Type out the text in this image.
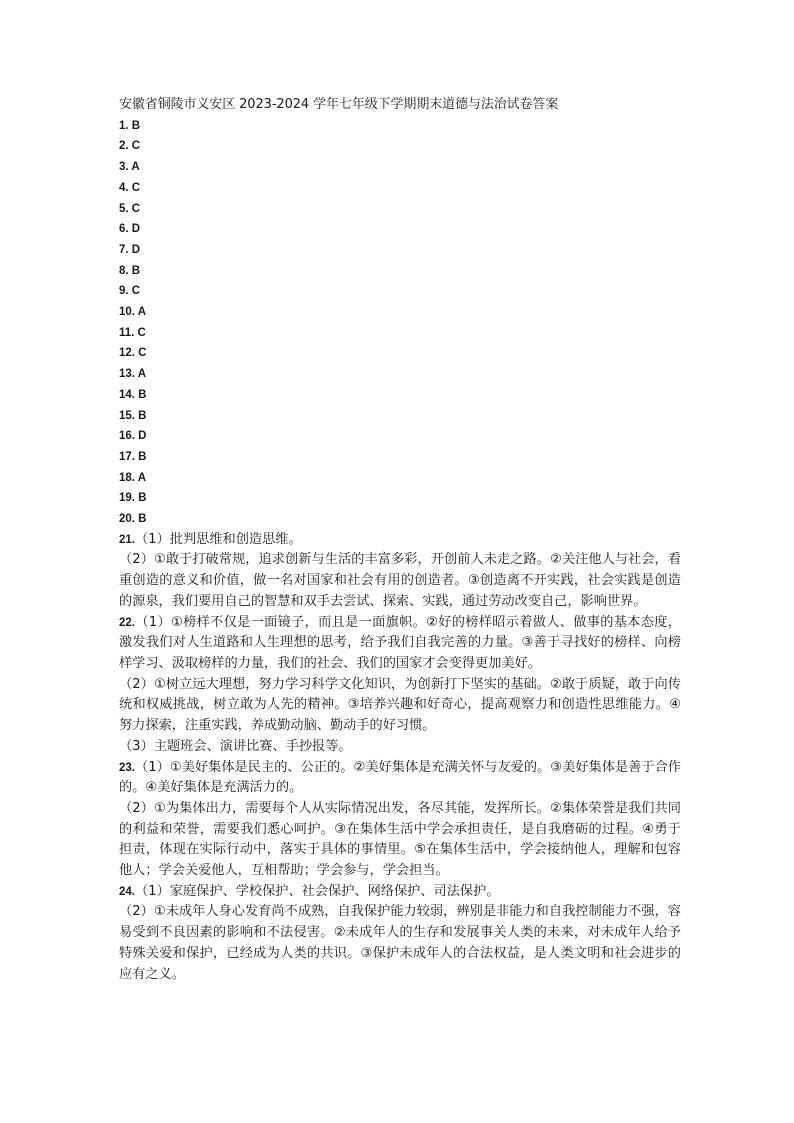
安徽省铜陵市义安区 2023-2024 学年七年级下学期期末道德与法治试卷答案
1. B
2. C
3. A
4. C
5. C
6. D
7. D
8. B
9. C
10. A
11. C
12. C
13. A
14. B
15. B
16. D
17. B
18. A
19. B
20. B
21.（1）批判思维和创造思维。
（2）①敢于打破常规，追求创新与生活的丰富多彩，开创前人未走之路。②关注他人与社会，看重创造的意义和价值，做一名对国家和社会有用的创造者。③创造离不开实践，社会实践是创造的源泉，我们要用自己的智慧和双手去尝试、探索、实践，通过劳动改变自己，影响世界。
22.（1）①榜样不仅是一面镜子，而且是一面旗帜。②好的榜样昭示着做人、做事的基本态度，激发我们对人生道路和人生理想的思考，给予我们自我完善的力量。③善于寻找好的榜样、向榜样学习、汲取榜样的力量，我们的社会、我们的国家才会变得更加美好。
（2）①树立远大理想，努力学习科学文化知识，为创新打下坚实的基础。②敢于质疑，敢于向传统和权威挑战，树立敢为人先的精神。③培养兴趣和好奇心，提高观察力和创造性思维能力。④努力探索，注重实践，养成勤动脑、勤动手的好习惯。
（3）主题班会、演讲比赛、手抄报等。
23.（1）①美好集体是民主的、公正的。②美好集体是充满关怀与友爱的。③美好集体是善于合作的。④美好集体是充满活力的。
（2）①为集体出力，需要每个人从实际情况出发，各尽其能，发挥所长。②集体荣誉是我们共同的利益和荣誉，需要我们悉心呵护。③在集体生活中学会承担责任，是自我磨砺的过程。④勇于担责，体现在实际行动中，落实于具体的事情里。⑤在集体生活中，学会接纳他人，理解和包容他人；学会关爱他人，互相帮助；学会参与，学会担当。
24.（1）家庭保护、学校保护、社会保护、网络保护、司法保护。
（2）①未成年人身心发育尚不成熟，自我保护能力较弱，辨别是非能力和自我控制能力不强，容易受到不良因素的影响和不法侵害。②未成年人的生存和发展事关人类的未来，对未成年人给予特殊关爱和保护，已经成为人类的共识。③保护未成年人的合法权益，是人类文明和社会进步的应有之义。
